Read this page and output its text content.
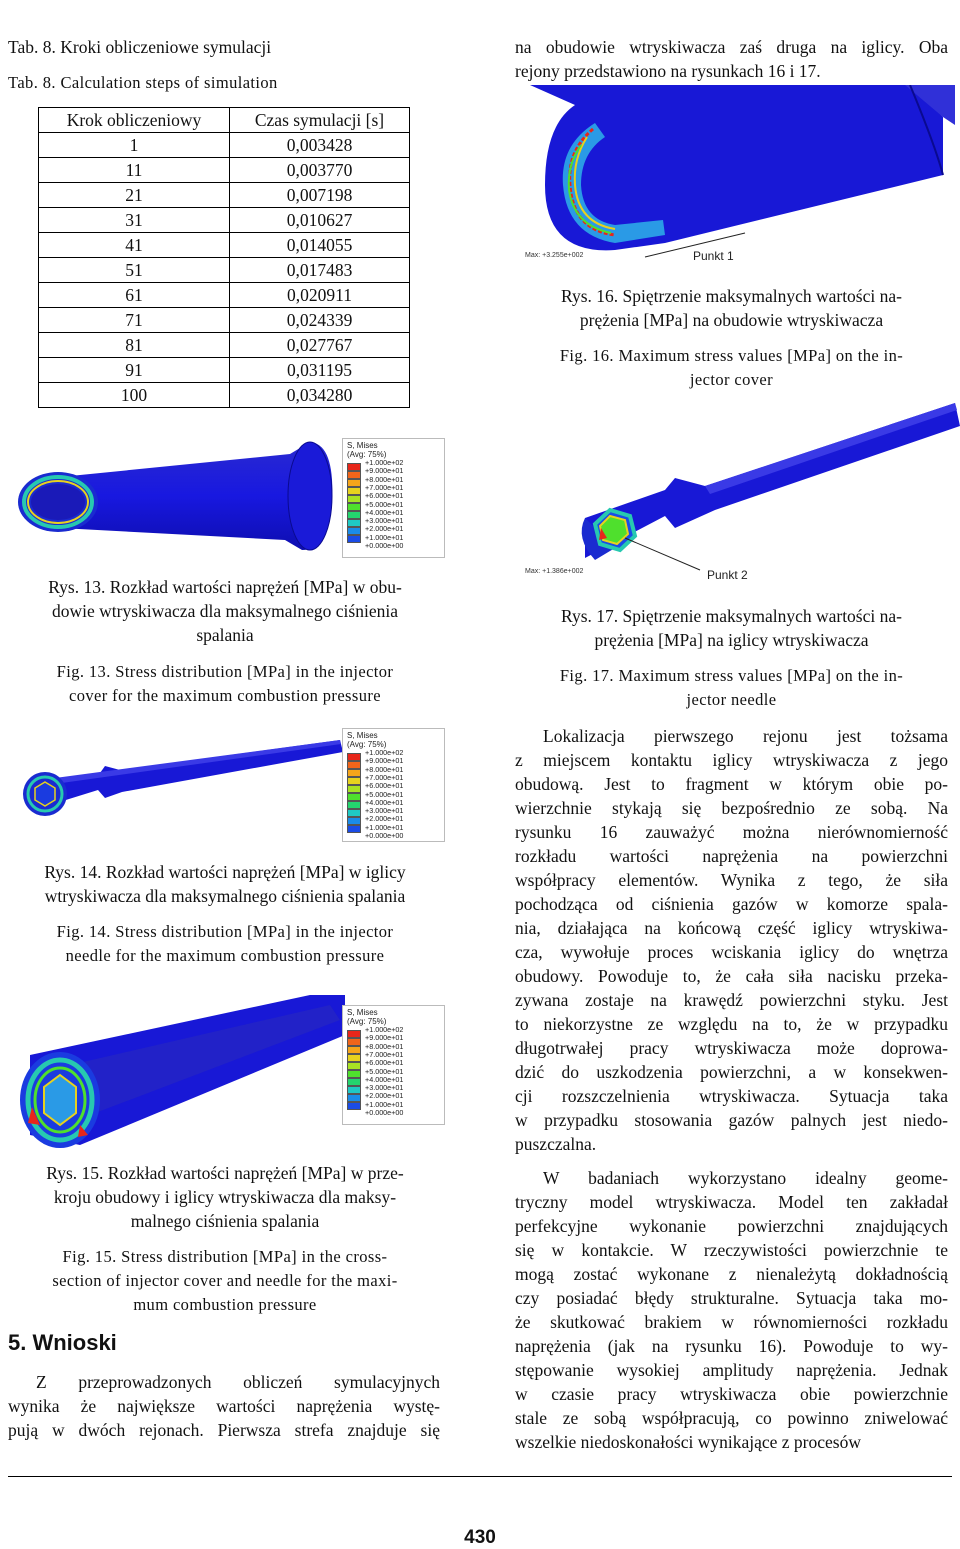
Tab. 8. Kroki obliczeniowe symulacji
Tab. 8. Calculation steps of simulation
Krok obliczeniowy	Czas symulacji [s]
1	0,003428
11	0,003770
21	0,007198
31	0,010627
41	0,014055
51	0,017483
61	0,020911
71	0,024339
81	0,027767
91	0,031195
100	0,034280
S, Mises
(Avg: 75%)
+1.000e+02
+9.000e+01
+8.000e+01
+7.000e+01
+6.000e+01
+5.000e+01
+4.000e+01
+3.000e+01
+2.000e+01
+1.000e+01
+0.000e+00
Rys. 13. Rozkład wartości naprężeń [MPa] w obu-
dowie wtryskiwacza dla maksymalnego ciśnienia
spalania
Fig. 13. Stress distribution [MPa] in the injector
cover for the maximum combustion pressure
S, Mises
(Avg: 75%)
+1.000e+02
+9.000e+01
+8.000e+01
+7.000e+01
+6.000e+01
+5.000e+01
+4.000e+01
+3.000e+01
+2.000e+01
+1.000e+01
+0.000e+00
Rys. 14. Rozkład wartości naprężeń [MPa] w iglicy
wtryskiwacza dla maksymalnego ciśnienia spalania
Fig. 14. Stress distribution [MPa] in the injector
needle for the maximum combustion pressure
S, Mises
(Avg: 75%)
+1.000e+02
+9.000e+01
+8.000e+01
+7.000e+01
+6.000e+01
+5.000e+01
+4.000e+01
+3.000e+01
+2.000e+01
+1.000e+01
+0.000e+00
Rys. 15. Rozkład wartości naprężeń [MPa] w prze-
kroju obudowy i iglicy wtryskiwacza dla maksy-
malnego ciśnienia spalania
Fig. 15. Stress distribution [MPa] in the cross-
section of injector cover and needle for the maxi-
mum combustion pressure
5. Wnioski
Z przeprowadzonych obliczeń symulacyjnych
wynika że największe wartości naprężenia wystę-
pują w dwóch rejonach. Pierwsza strefa znajduje się
na obudowie wtryskiwacza zaś druga na iglicy. Oba
rejony przedstawiono na rysunkach 16 i 17.
Max: +3.255e+002	Punkt 1
Rys. 16. Spiętrzenie maksymalnych wartości na-
prężenia [MPa] na obudowie wtryskiwacza
Fig. 16. Maximum stress values [MPa] on the in-
jector cover
Max: +1.386e+002	Punkt 2
Rys. 17. Spiętrzenie maksymalnych wartości na-
prężenia [MPa] na iglicy wtryskiwacza
Fig. 17. Maximum stress values [MPa] on the in-
jector needle
Lokalizacja pierwszego rejonu jest tożsama
z miejscem kontaktu iglicy wtryskiwacza z jego
obudową. Jest to fragment w którym obie po-
wierzchnie stykają się bezpośrednio ze sobą. Na
rysunku 16 zauważyć można nierównomierność
rozkładu wartości naprężenia na powierzchni
współpracy elementów. Wynika z tego, że siła
pochodząca od ciśnienia gazów w komorze spala-
nia, działająca na końcową część iglicy wtryskiwa-
cza, wywołuje proces wciskania iglicy do wnętrza
obudowy. Powoduje to, że cała siła nacisku przeka-
zywana zostaje na krawędź powierzchni styku. Jest
to niekorzystne ze względu na to, że w przypadku
długotrwałej pracy wtryskiwacza może doprowa-
dzić do uszkodzenia powierzchni, a w konsekwen-
cji rozszczelnienia wtryskiwacza. Sytuacja taka
w przypadku stosowania gazów palnych jest niedo-
puszczalna.
W badaniach wykorzystano idealny geome-
tryczny model wtryskiwacza. Model ten zakładał
perfekcyjne wykonanie powierzchni znajdujących
się w kontakcie. W rzeczywistości powierzchnie te
mogą zostać wykonane z nienależytą dokładnością
czy posiadać błędy strukturalne. Sytuacja taka mo-
że skutkować brakiem w równomierności rozkładu
naprężenia (jak na rysunku 16). Powoduje to wy-
stępowanie wysokiej amplitudy naprężenia. Jednak
w czasie pracy wtryskiwacza obie powierzchnie
stale ze sobą współpracują, co powinno zniwelować
wszelkie niedoskonałości wynikające z procesów
430
